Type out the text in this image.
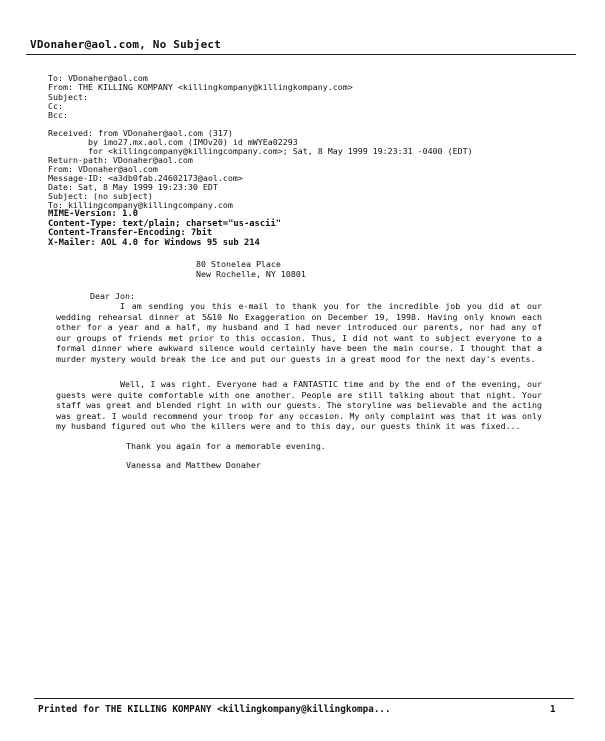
VDonaher@aol.com, No Subject
To: VDonaher@aol.com
From: THE KILLING KOMPANY <killingkompany@killingkompany.com>
Subject:
Cc:
Bcc:
Received: from VDonaher@aol.com (317)
by imo27.mx.aol.com (IMOv20) id mWYEa02293
for <killingcompany@killingcompany.com>; Sat, 8 May 1999 19:23:31 -0400 (EDT)
Return-path: VDonaher@aol.com
From: VDonaher@aol.com
Message-ID: <a3db0fab.24602173@aol.com>
Date: Sat, 8 May 1999 19:23:30 EDT
Subject: (no subject)
To: killingcompany@killingcompany.com
MIME-Version: 1.0
Content-Type: text/plain; charset="us-ascii"
Content-Transfer-Encoding: 7bit
X-Mailer: AOL 4.0 for Windows 95 sub 214
80 Stonelea Place
New Rochelle, NY 10801
Dear Jon:
I am sending you this e-mail to thank you for the incredible job you did at our wedding rehearsal dinner at 5&10 No Exaggeration on December 19, 1998. Having only known each other for a year and a half, my husband and I had never introduced our parents, nor had any of our groups of friends met prior to this occasion. Thus, I did not want to subject everyone to a formal dinner where awkward silence would certainly have been the main course. I thought that a murder mystery would break the ice and put our guests in a great mood for the next day's events.
Well, I was right. Everyone had a FANTASTIC time and by the end of the evening, our guests were quite comfortable with one another. People are still talking about that night. Your staff was great and blended right in with our guests. The storyline was believable and the acting was great. I would recommend your troop for any occasion. My only complaint was that it was only my husband figured out who the killers were and to this day, our guests think it was fixed...
Thank you again for a memorable evening.
Vanessa and Matthew Donaher
Printed for THE KILLING KOMPANY <killingkompany@killingkompa...	1
